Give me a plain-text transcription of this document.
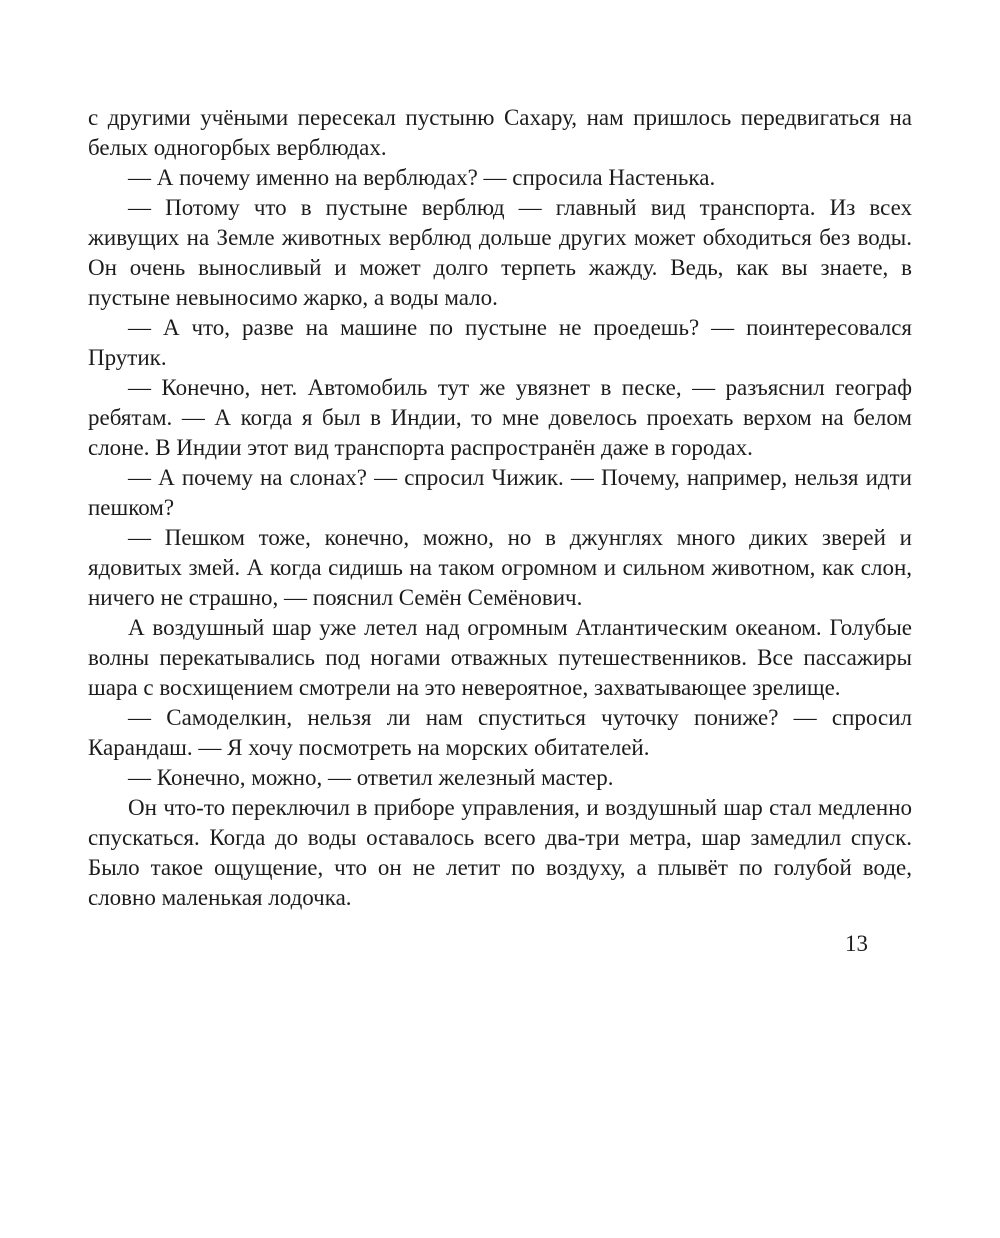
с другими учёными пересекал пустыню Сахару, нам пришлось передвигаться на белых одногорбых верблюдах.

— А почему именно на верблюдах? — спросила Настенька.

— Потому что в пустыне верблюд — главный вид транспорта. Из всех живущих на Земле животных верблюд дольше других может обходиться без воды. Он очень выносливый и может долго терпеть жажду. Ведь, как вы знаете, в пустыне невыносимо жарко, а воды мало.

— А что, разве на машине по пустыне не проедешь? — поинтересовался Прутик.

— Конечно, нет. Автомобиль тут же увязнет в песке, — разъяснил географ ребятам. — А когда я был в Индии, то мне довелось проехать верхом на белом слоне. В Индии этот вид транспорта распространён даже в городах.

— А почему на слонах? — спросил Чижик. — Почему, например, нельзя идти пешком?

— Пешком тоже, конечно, можно, но в джунглях много диких зверей и ядовитых змей. А когда сидишь на таком огромном и сильном животном, как слон, ничего не страшно, — пояснил Семён Семёнович.

А воздушный шар уже летел над огромным Атлантическим океаном. Голубые волны перекатывались под ногами отважных путешественников. Все пассажиры шара с восхищением смотрели на это невероятное, захватывающее зрелище.

— Самоделкин, нельзя ли нам спуститься чуточку пониже? — спросил Карандаш. — Я хочу посмотреть на морских обитателей.

— Конечно, можно, — ответил железный мастер.

Он что-то переключил в приборе управления, и воздушный шар стал медленно спускаться. Когда до воды оставалось всего два-три метра, шар замедлил спуск. Было такое ощущение, что он не летит по воздуху, а плывёт по голубой воде, словно маленькая лодочка.

13
